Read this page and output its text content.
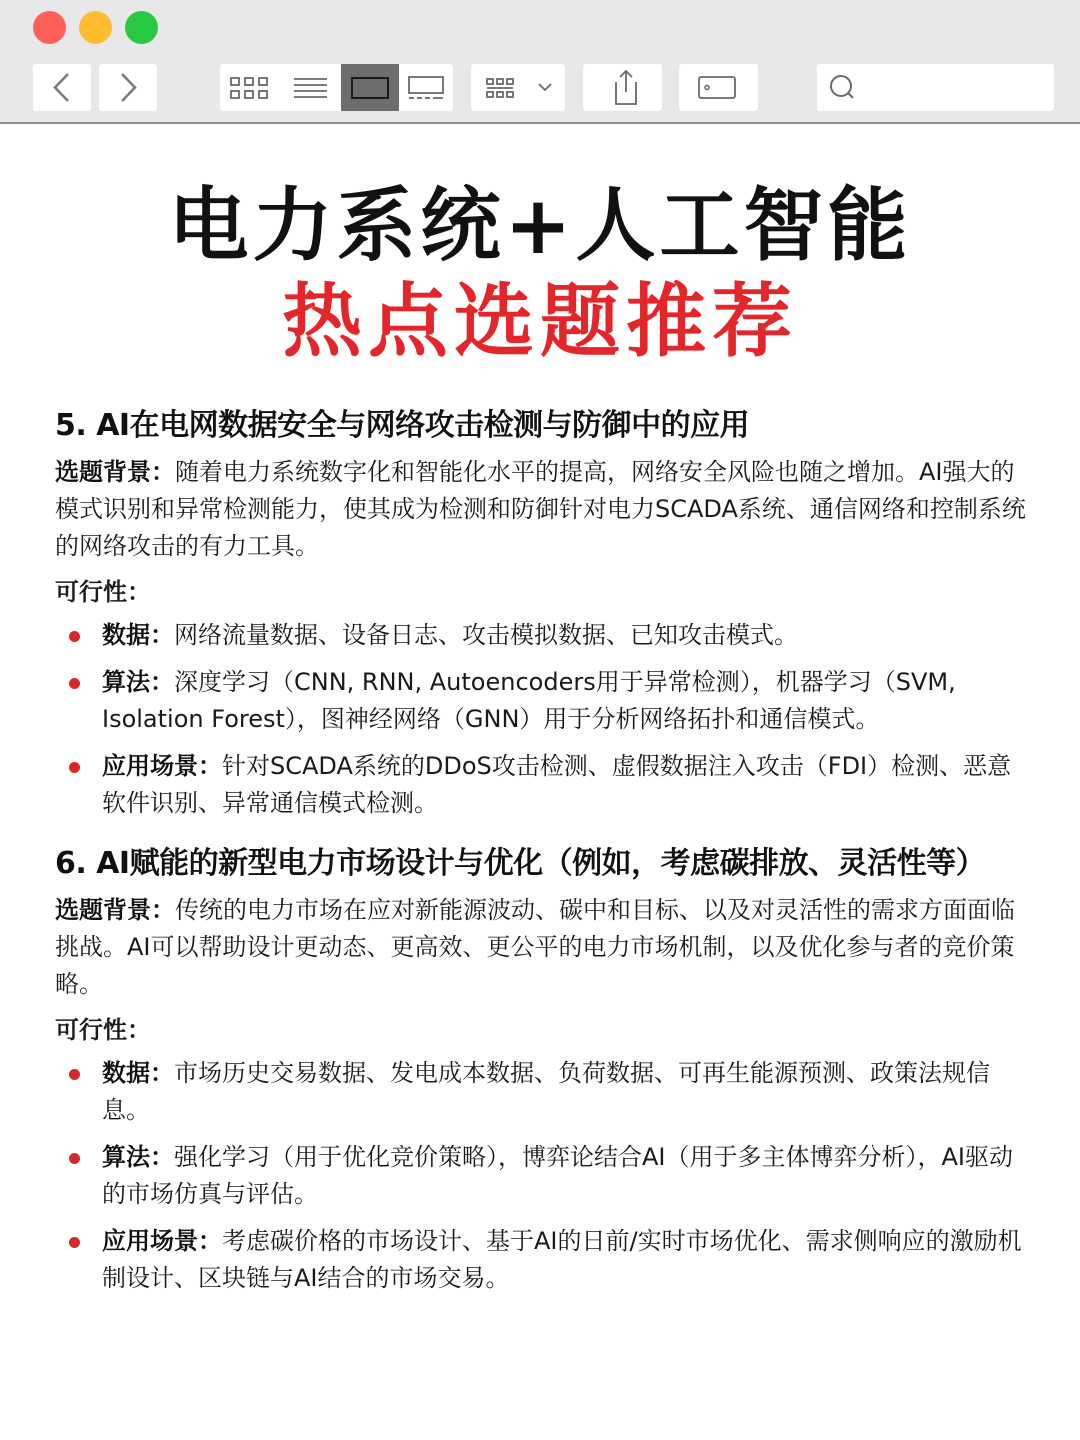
电力系统+人工智能
热点选题推荐
5. AI在电网数据安全与网络攻击检测与防御中的应用
选题背景：随着电力系统数字化和智能化水平的提高，网络安全风险也随之增加。AI强大的模式识别和异常检测能力，使其成为检测和防御针对电力SCADA系统、通信网络和控制系统的网络攻击的有力工具。
可行性：
数据：网络流量数据、设备日志、攻击模拟数据、已知攻击模式。
算法：深度学习（CNN, RNN, Autoencoders用于异常检测），机器学习（SVM, Isolation Forest），图神经网络（GNN）用于分析网络拓扑和通信模式。
应用场景：针对SCADA系统的DDoS攻击检测、虚假数据注入攻击（FDI）检测、恶意软件识别、异常通信模式检测。
6. AI赋能的新型电力市场设计与优化（例如，考虑碳排放、灵活性等）
选题背景：传统的电力市场在应对新能源波动、碳中和目标、以及对灵活性的需求方面面临挑战。AI可以帮助设计更动态、更高效、更公平的电力市场机制，以及优化参与者的竞价策略。
可行性：
数据：市场历史交易数据、发电成本数据、负荷数据、可再生能源预测、政策法规信息。
算法：强化学习（用于优化竞价策略），博弈论结合AI（用于多主体博弈分析），AI驱动的市场仿真与评估。
应用场景：考虑碳价格的市场设计、基于AI的日前/实时市场优化、需求侧响应的激励机制设计、区块链与AI结合的市场交易。
